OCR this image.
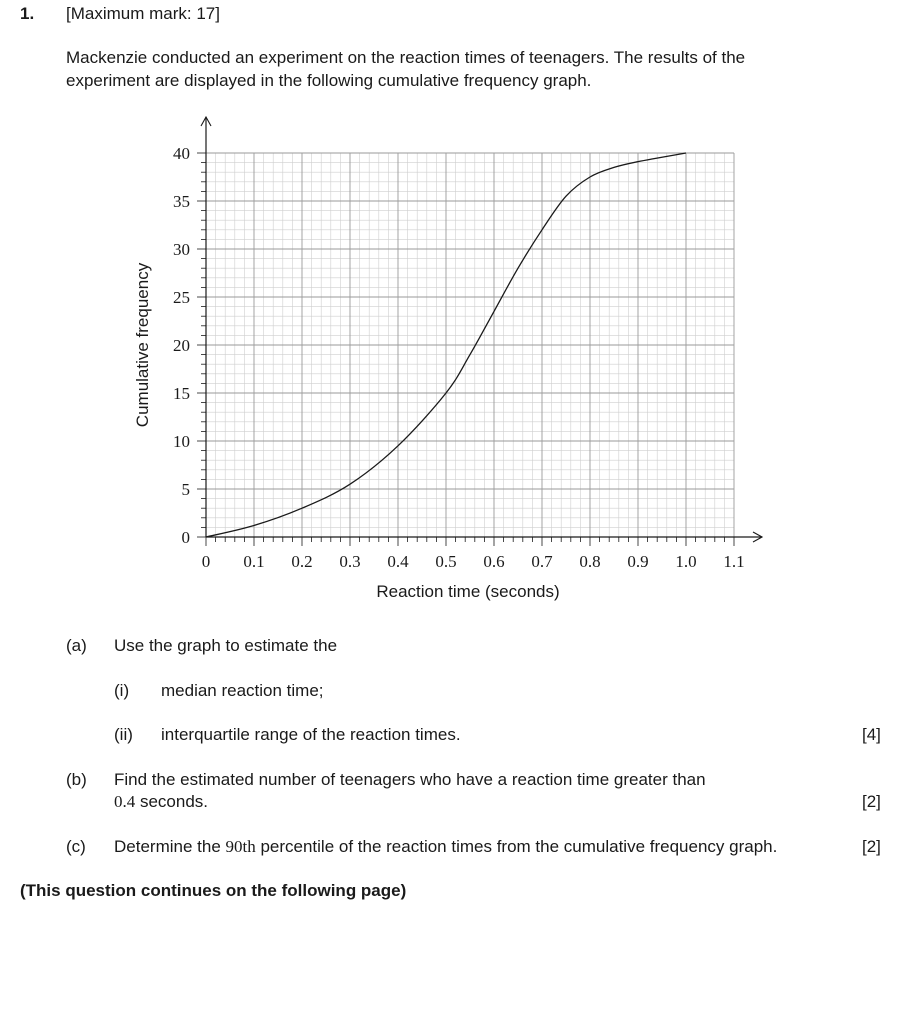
1. [Maximum mark: 17]
Mackenzie conducted an experiment on the reaction times of teenagers. The results of the
experiment are displayed in the following cumulative frequency graph.
0 0.1 0.2 0.3 0.4 0.5 0.6 0.7 0.8 0.9 1.0 1.1
0
5
10
15
20
25
30
35
40
Reaction time (seconds)
Cumulative frequency
(a) Use the graph to estimate the
(i) median reaction time;
(ii) interquartile range of the reaction times.	[4]
(b) Find the estimated number of teenagers who have a reaction time greater than
0.4 seconds.	[2]
(c) Determine the 90th percentile of the reaction times from the cumulative frequency graph.	[2]
(This question continues on the following page)
